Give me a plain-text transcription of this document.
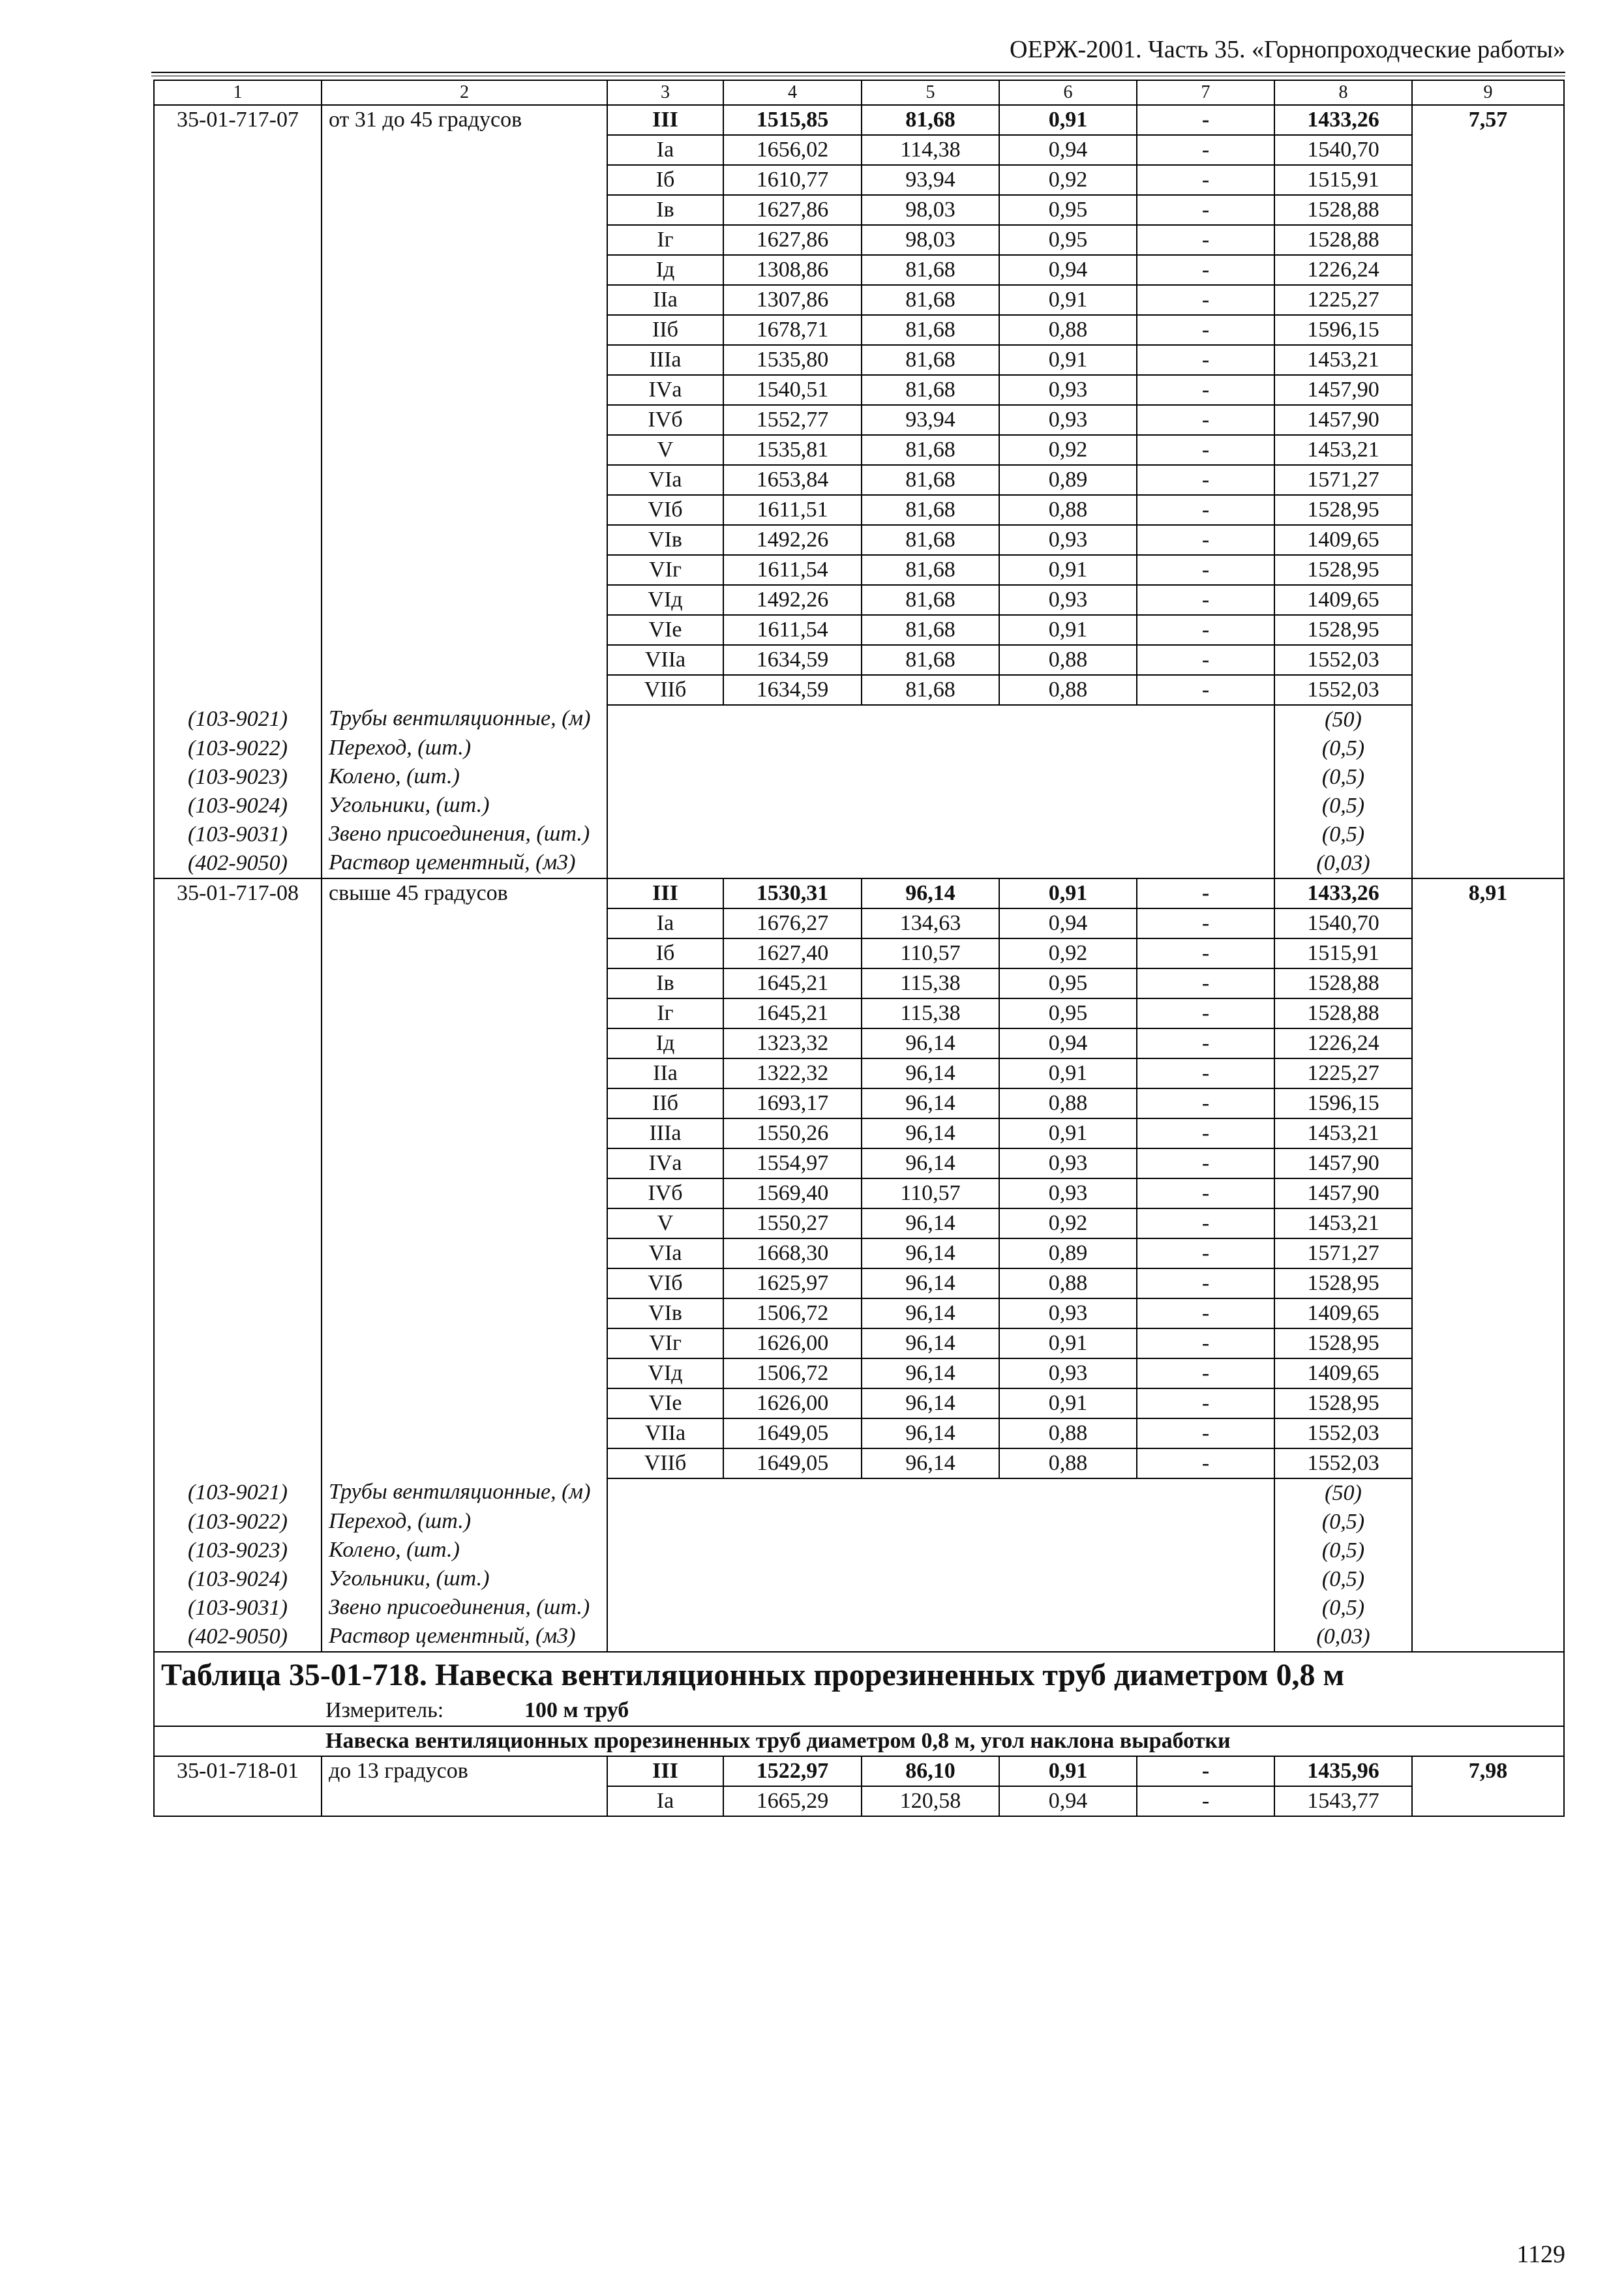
ОЕРЖ-2001. Часть 35. «Горнопроходческие работы»
1	2	3	4	5	6	7	8	9
35-01-717-07	от 31 до 45 градусов	III	1515,85	81,68	0,91	-	1433,26	7,57
		Iа	1656,02	114,38	0,94	-	1540,70	
		Iб	1610,77	93,94	0,92	-	1515,91	
		Iв	1627,86	98,03	0,95	-	1528,88	
		Iг	1627,86	98,03	0,95	-	1528,88	
		Iд	1308,86	81,68	0,94	-	1226,24	
		IIа	1307,86	81,68	0,91	-	1225,27	
		IIб	1678,71	81,68	0,88	-	1596,15	
		IIIа	1535,80	81,68	0,91	-	1453,21	
		IVа	1540,51	81,68	0,93	-	1457,90	
		IVб	1552,77	93,94	0,93	-	1457,90	
		V	1535,81	81,68	0,92	-	1453,21	
		VIа	1653,84	81,68	0,89	-	1571,27	
		VIб	1611,51	81,68	0,88	-	1528,95	
		VIв	1492,26	81,68	0,93	-	1409,65	
		VIг	1611,54	81,68	0,91	-	1528,95	
		VIд	1492,26	81,68	0,93	-	1409,65	
		VIе	1611,54	81,68	0,91	-	1528,95	
		VIIа	1634,59	81,68	0,88	-	1552,03	
		VIIб	1634,59	81,68	0,88	-	1552,03	
(103-9021)	Трубы вентиляционные, (м)						(50)	
(103-9022)	Переход, (шт.)						(0,5)	
(103-9023)	Колено, (шт.)						(0,5)	
(103-9024)	Угольники, (шт.)						(0,5)	
(103-9031)	Звено присоединения, (шт.)						(0,5)	
(402-9050)	Раствор цементный, (м3)						(0,03)	
35-01-717-08	свыше 45 градусов	III	1530,31	96,14	0,91	-	1433,26	8,91
		Iа	1676,27	134,63	0,94	-	1540,70	
		Iб	1627,40	110,57	0,92	-	1515,91	
		Iв	1645,21	115,38	0,95	-	1528,88	
		Iг	1645,21	115,38	0,95	-	1528,88	
		Iд	1323,32	96,14	0,94	-	1226,24	
		IIа	1322,32	96,14	0,91	-	1225,27	
		IIб	1693,17	96,14	0,88	-	1596,15	
		IIIа	1550,26	96,14	0,91	-	1453,21	
		IVа	1554,97	96,14	0,93	-	1457,90	
		IVб	1569,40	110,57	0,93	-	1457,90	
		V	1550,27	96,14	0,92	-	1453,21	
		VIа	1668,30	96,14	0,89	-	1571,27	
		VIб	1625,97	96,14	0,88	-	1528,95	
		VIв	1506,72	96,14	0,93	-	1409,65	
		VIг	1626,00	96,14	0,91	-	1528,95	
		VIд	1506,72	96,14	0,93	-	1409,65	
		VIе	1626,00	96,14	0,91	-	1528,95	
		VIIа	1649,05	96,14	0,88	-	1552,03	
		VIIб	1649,05	96,14	0,88	-	1552,03	
(103-9021)	Трубы вентиляционные, (м)						(50)	
(103-9022)	Переход, (шт.)						(0,5)	
(103-9023)	Колено, (шт.)						(0,5)	
(103-9024)	Угольники, (шт.)						(0,5)	
(103-9031)	Звено присоединения, (шт.)						(0,5)	
(402-9050)	Раствор цементный, (м3)						(0,03)	
Таблица 35-01-718. Навеска вентиляционных прорезиненных труб диаметром 0,8 м								
Измеритель: 100 м труб								
Навеска вентиляционных прорезиненных труб диаметром 0,8 м, угол наклона выработки								
35-01-718-01	до 13 градусов	III	1522,97	86,10	0,91	-	1435,96	7,98
		Iа	1665,29	120,58	0,94	-	1543,77	
1129
